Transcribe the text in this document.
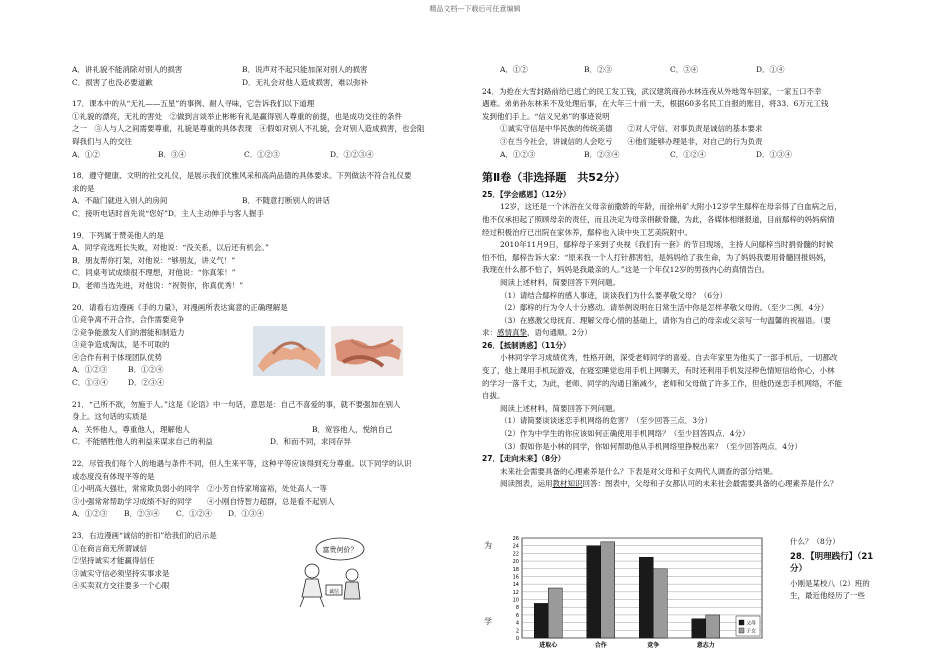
精品文档---下载后可任意编辑
A．讲礼貌不能消除对别人的损害	B．说声对不起只能加深对别人的损害
C．损害了也没必要道歉	D．无礼会对他人造成损害，难以弥补
17．课本中的从“无礼——五星”的事例、耐人寻味，它告诉我们以下道理
①礼貌的漂亮，无礼的害处　②做到言谈举止彬彬有礼是赢得别人尊重的前提，也是成功交往的条件
之一　③人与人之间需要尊重，礼貌是尊重的具体表现　④假如对别人不礼貌，会对别人造成损害，也会阻
碍我们与人的交往
A．①②	B．③④	C．①②③	D．①②③④
18．遵守健康、文明的社交礼仪，是展示我们优雅风采和高尚品德的具体要求。下列做法不符合礼仪要
求的是
A．不敲门就进入别人的房间	B．不随意打断别人的讲话
C．接听电话时首先说“您好”D．主人主动伸手与客人握手
19．下列属于赞美他人的是
A．同学竞选班长失败，对他说：“没关系，以后还有机会。”
B．朋友帮你打架，对他说：“够朋友，讲义气！”
C．同桌考试成绩很不理想，对他说：“你真笨！”
D．老师当选先进，对他说：“祝贺你，你真优秀！”
20．请看右边漫画《手的力量》，对漫画所表达寓意的正确理解是
①竞争离不开合作，合作需要竞争
②竞争能激发人们的潜能和制造力
③竞争造成淘汰，是不可取的
④合作有利于体现团队优势
A．①②③	B．①②④
C．①③④	D．②③④
21．“己所不欲，勿施于人。”这是《论语》中一句话，意思是：自己不喜爱的事，就不要强加在别人
身上。这句话的实质是
A．关怀他人，尊重他人，理解他人	B．宽容他人，悦纳自己
C．不能牺牲他人的利益来谋求自己的利益	D．和而不同，求同存异
22．尽管我们每个人的地遇与条件不同，但人生来平等，这种平等应该得到充分尊重。以下同学的认识
或态度没有体现平等的是
①小明高大强壮，常常欺负弱小的同学　②小芳自恃家境富裕，处处高人一等
③小强常常帮助学习成绩不好的同学　　④小刚自恃智力超群，总是看不起别人
A．①②③ B．②③④ C．①②④ D．①③④
23．右边漫画“诚信的折扣”给我们的启示是
①在商言商无所谓诚信
②坚持诚实才能赢得信任
③诚实守信必须坚持实事求是
④买卖双方交往要多一个心眼
富贵何价？
诚信
A．①②	B．②③	C．③④	D．①④
24．为抢在大雪封路前给已逃亡的民工发工钱，武汉建筑商孙水林连夜从外地驾车回家，一家五口不幸
遇难。弟弟孙东林来不及处理后事，在大年三十前一天，根据60多名民工自报的账目，将33．6万元工钱
发到他们手上。“信义兄弟”的事迹说明
①诚实守信是中华民族的传统美德　　②对人守信、对事负责是诚信的基本要求
③在当今社会，讲诚信的人会吃亏　　④他们能够办理是非，对自己的行为负责
A．①②③	B．②③④	C．①②④	D．①③④
第Ⅱ卷（非选择题　共52分）
25．【学会感恩】（12分）
12岁，这还是一个沐浴在父母亲前撒娇的年龄，而徐州矿大附小12岁学生鄢梓在母亲得了白血病之后，
他不仅承担起了照顾母亲的责任，而且决定为母亲捐献骨髓，为此，各媒体相继报道，目前鄢梓的妈妈病情
经过积极治疗已出院在家休养，鄢梓也入读中央工艺美院附中。
2010年11月9日，鄢梓母子来到了央视《我们有一套》的节目现场，主持人问鄢梓当时捐骨髓的时候
怕不怕，鄢梓告诉大家：“原来我一个人打针都害怕，是妈妈给了我生命，为了妈妈我要用骨髓回报妈妈，
我现在什么都不怕了，妈妈是我最亲的人。”这是一个年仅12岁的男孩内心的真情告白。
阅读上述材料，简要回答下列问题。
（1）请结合鄢梓的感人事迹，谈谈我们为什么要孝敬父母？（6分）
（2）鄢梓的行为令人十分感动。请举例说明在日常生活中你是怎样孝敬父母的。（至少二例．4分）
（3）在感激父母抚育、理解父母心情的基础上，请你为自己的母亲或父亲写一句温馨的祝福语。（要
求：感情真挚，语句通顺。2分）
26．【抵制诱惑】（11分）
小林同学学习成绩优秀，性格开朗，深受老师同学的喜爱。自去年家里为他买了一部手机后，一切都改
变了，他上课用手机玩游戏，在寝室睡觉也用手机上网聊天，有时还利用手机发淫秽色情短信给你心，小林
的学习一落千丈，为此，老师、同学的沟通日渐减少，老师和父母做了许多工作，但他仍迷恋手机网络，不能
自拔。
阅读上述材料，简要回答下列问题。
（1）请简要谈谈迷恋手机网络的危害？（至少回答三点．3分）
（2）作为中学生的你应该如何正确使用手机网络？（至少回答四点．4分）
（3）假如你是小林的同学，你如何帮助他从手机网络里挣脱出来？（至少回答两点．4分）
27．【走向未来】（8分）
未来社会需要具备的心理素养是什么？下表是对父母和子女两代人调查的部分结果。
阅读图表，运用教材知识回答：图表中，父母和子女都认可的未来社会最需要具备的心理素养是什么？
为
学
什么？（8分）
28．【明理践行】（21分）
小刚是某校八（2）班的生，最近他经历了一些
0
2
4
6
8
10
12
14
16
18
20
22
24
26
进取心	合作	竞争	意志力
父母
子女
